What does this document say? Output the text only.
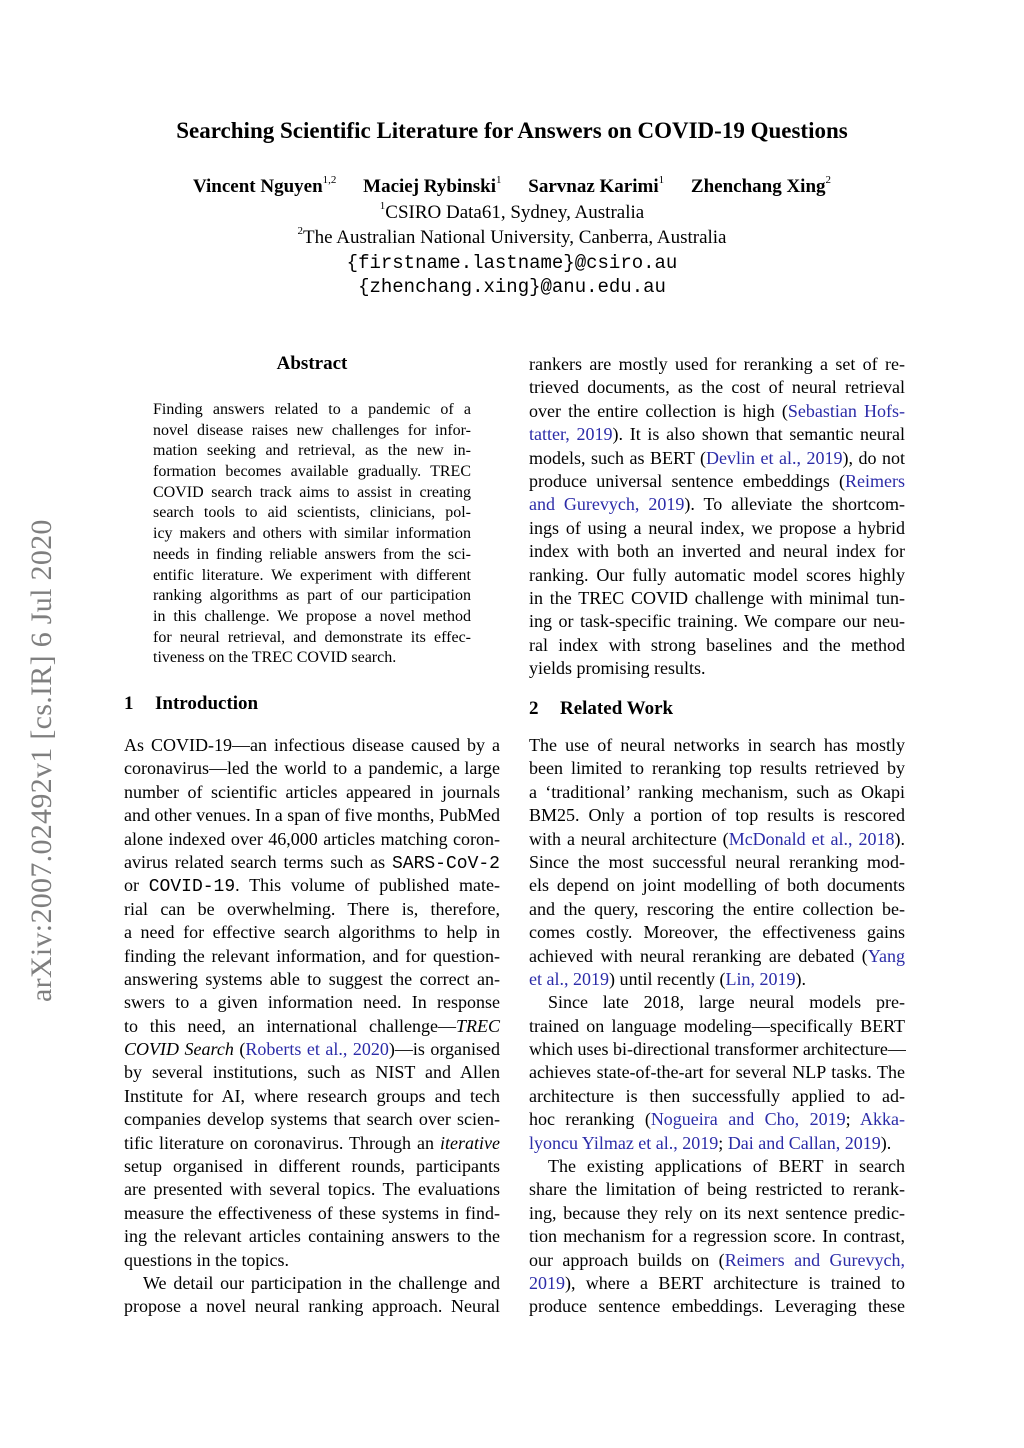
Searching Scientific Literature for Answers on COVID-19 Questions
Vincent Nguyen$^{1,2}$ Maciej Rybinski$^1$ Sarvnaz Karimi$^1$ Zhenchang Xing$^2$
$^1$CSIRO Data61, Sydney, Australia
$^2$The Australian National University, Canberra, Australia
{firstname.lastname}@csiro.au
{zhenchang.xing}@anu.edu.au
arXiv:2007.02492v1 [cs.IR] 6 Jul 2020
Abstract
Finding answers related to a pandemic of a
novel disease raises new challenges for infor-
mation seeking and retrieval, as the new in-
formation becomes available gradually. TREC
COVID search track aims to assist in creating
search tools to aid scientists, clinicians, pol-
icy makers and others with similar information
needs in finding reliable answers from the sci-
entific literature. We experiment with different
ranking algorithms as part of our participation
in this challenge. We propose a novel method
for neural retrieval, and demonstrate its effec-
tiveness on the TREC COVID search.
1 Introduction
As COVID-19—an infectious disease caused by a
coronavirus—led the world to a pandemic, a large
number of scientific articles appeared in journals
and other venues. In a span of five months, PubMed
alone indexed over 46,000 articles matching coron-
avirus related search terms such as SARS-CoV-2
or COVID-19. This volume of published mate-
rial can be overwhelming. There is, therefore,
a need for effective search algorithms to help in
finding the relevant information, and for question-
answering systems able to suggest the correct an-
swers to a given information need. In response
to this need, an international challenge—TREC
COVID Search (Roberts et al., 2020)—is organised
by several institutions, such as NIST and Allen
Institute for AI, where research groups and tech
companies develop systems that search over scien-
tific literature on coronavirus. Through an iterative
setup organised in different rounds, participants
are presented with several topics. The evaluations
measure the effectiveness of these systems in find-
ing the relevant articles containing answers to the
questions in the topics.
We detail our participation in the challenge and
propose a novel neural ranking approach. Neural
rankers are mostly used for reranking a set of re-
trieved documents, as the cost of neural retrieval
over the entire collection is high (Sebastian Hofs-
tatter, 2019). It is also shown that semantic neural
models, such as BERT (Devlin et al., 2019), do not
produce universal sentence embeddings (Reimers
and Gurevych, 2019). To alleviate the shortcom-
ings of using a neural index, we propose a hybrid
index with both an inverted and neural index for
ranking. Our fully automatic model scores highly
in the TREC COVID challenge with minimal tun-
ing or task-specific training. We compare our neu-
ral index with strong baselines and the method
yields promising results.
2 Related Work
The use of neural networks in search has mostly
been limited to reranking top results retrieved by
a ‘traditional’ ranking mechanism, such as Okapi
BM25. Only a portion of top results is rescored
with a neural architecture (McDonald et al., 2018).
Since the most successful neural reranking mod-
els depend on joint modelling of both documents
and the query, rescoring the entire collection be-
comes costly. Moreover, the effectiveness gains
achieved with neural reranking are debated (Yang
et al., 2019) until recently (Lin, 2019).
Since late 2018, large neural models pre-
trained on language modeling—specifically BERT
which uses bi-directional transformer architecture—
achieves state-of-the-art for several NLP tasks. The
architecture is then successfully applied to ad-
hoc reranking (Nogueira and Cho, 2019; Akka-
lyoncu Yilmaz et al., 2019; Dai and Callan, 2019).
The existing applications of BERT in search
share the limitation of being restricted to rerank-
ing, because they rely on its next sentence predic-
tion mechanism for a regression score. In contrast,
our approach builds on (Reimers and Gurevych,
2019), where a BERT architecture is trained to
produce sentence embeddings. Leveraging these
